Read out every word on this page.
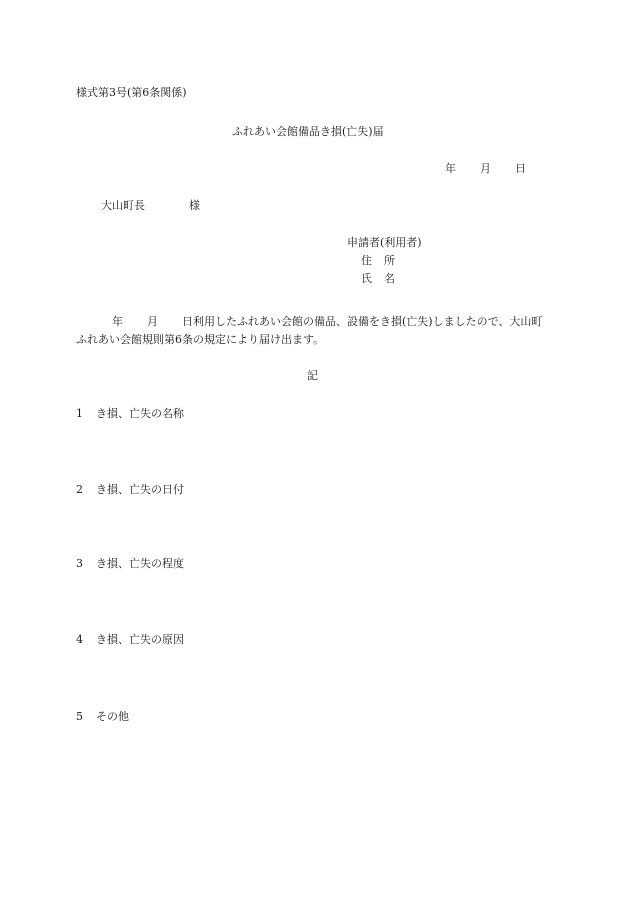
様式第3号(第6条関係)
ふれあい会館備品き損(亡失)届
年 月 日
大山町長	様
申請者(利用者)
住 所
氏 名
年 月 日利用したふれあい会館の備品、設備をき損(亡失)しましたので、大山町ふれあい会館規則第6条の規定により届け出ます。
記
1 き損、亡失の名称
2 き損、亡失の日付
3 き損、亡失の程度
4 き損、亡失の原因
5 その他
